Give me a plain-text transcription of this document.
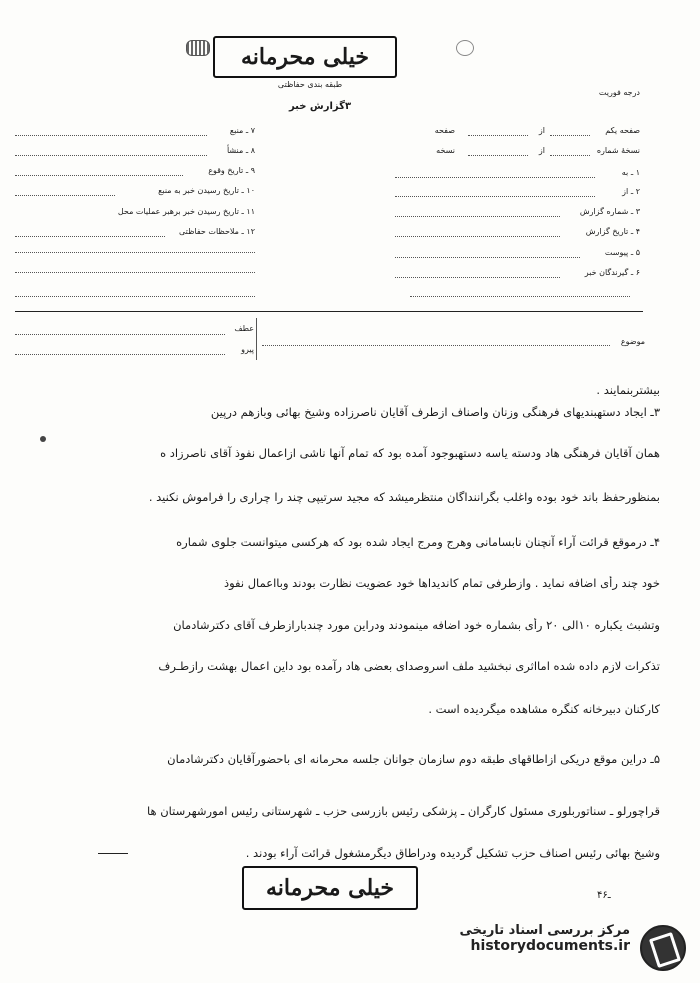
خیلی محرمانه
طبقه بندی حفاظتی
درجه فوریت
۳گزارش خبر
صفحه یکم
از
صفحه
نسخهٔ شماره
از
نسخه
۱ ـ به
۲ ـ از
۳ ـ شماره گزارش
۴ ـ تاریخ گزارش
۵ ـ پیوست
۶ ـ گیرندگان خبر
۷ ـ منبع
۸ ـ منشأ
۹ ـ تاریخ وقوع
۱۰ ـ تاریخ رسیدن خبر به منبع
۱۱ ـ تاریخ رسیدن خبر برهبر عملیات محل
۱۲ ـ ملاحظات حفاظتی
موضوع
عطف
پیرو
بیشتربنمایند .
۳ـ ایجاد دستهبندیهای فرهنگی وزنان واصناف ازطرف آقایان ناصرزاده وشیخ بهائی وبازهم درپین
همان آقایان فرهنگی هاد ودسته یاسه دستهبوجود آمده بود که تمام آنها ناشی ازاعمال نفوذ آقای ناصرزاد ه
بمنظورحفظ باند خود بوده واغلب بگراننداگان منتظرمیشد که مجید سرتیپی چند را چراری را فراموش نکنید .
۴ـ درموقع قرائت آراء آنچنان نابسامانی وهرج ومرج ایجاد شده بود که هرکسی میتوانست جلوی شماره
خود چند رأی اضافه نماید . وازطرفی تمام کاندیداها خود عضویت نظارت بودند وبااعمال نفوذ
وتشبث یکباره ۱۰الی ۲۰ رأی بشماره خود اضافه مینمودند ودراین مورد چندبارازطرف آقای دکترشادمان
تذکرات لازم داده شده امااثری نبخشید ملف اسروصدای بعضی هاد رآمده بود داین اعمال بهشت رازطـرف
کارکنان دبیرخانه کنگره مشاهده میگردیده است .
۵ـ دراین موقع دریکی ازاطاقهای طبقه دوم سازمان جوانان جلسه محرمانه ای باحضورآقایان دکترشادمان
قراچورلو ـ سناتوربلوری مسئول کارگران ـ پزشکی رئیس بازرسی حزب ـ شهرستانی رئیس امورشهرستان ها
وشیخ بهائی رئیس اصناف حزب تشکیل گردیده ودراطاق دیگرمشغول قرائت آراء بودند .
خیلی محرمانه	۴۶ـ
مرکز بررسی اسناد تاریخی
historydocuments.ir
